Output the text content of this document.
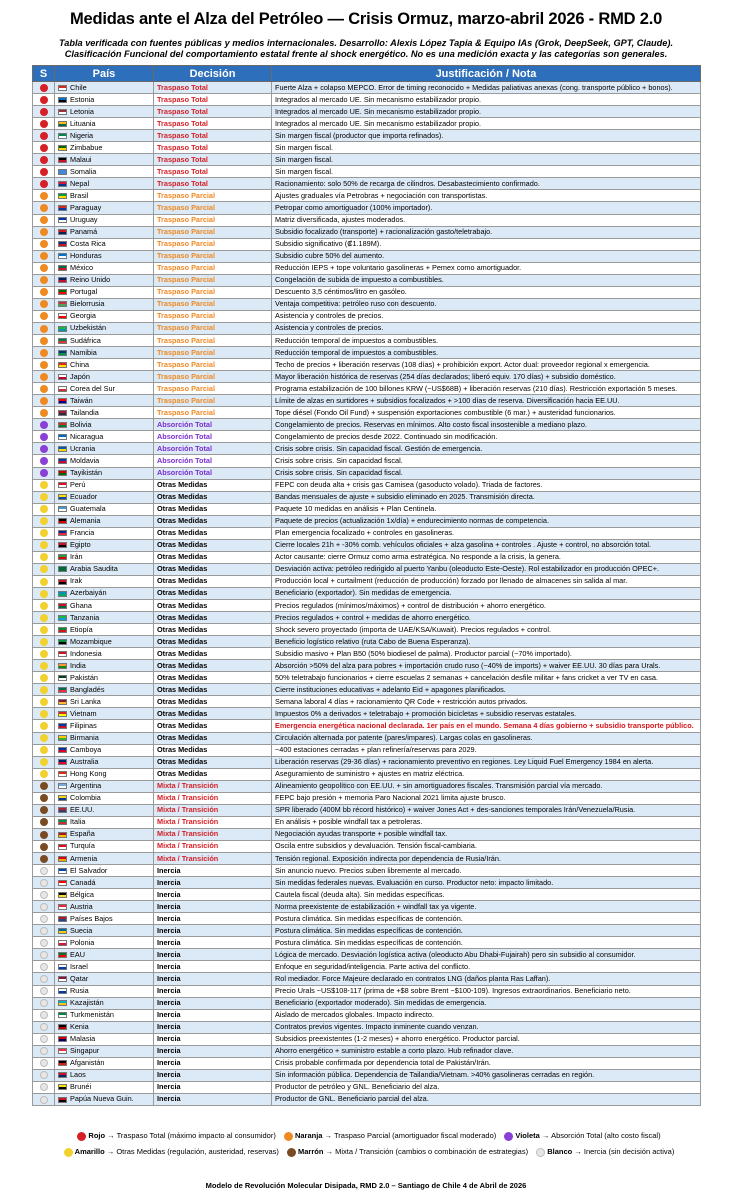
Medidas ante el Alza del Petróleo — Crisis Ormuz, marzo-abril 2026 - RMD 2.0
Tabla verificada con fuentes públicas y medios internacionales. Desarrollo: Alexis López Tapia & Equipo IAs (Grok, DeepSeek, GPT, Claude).
Clasificación Funcional del comportamiento estatal frente al shock energético. No es una medición exacta y las categorías son generales.
S	País	Decisión	Justificación / Nota
	Chile	Traspaso Total	Fuerte Alza + colapso MEPCO. Error de timing reconocido + Medidas paliativas anexas (cong. transporte público + bonos).
	Estonia	Traspaso Total	Integrados al mercado UE. Sin mecanismo estabilizador propio.
	Letonia	Traspaso Total	Integrados al mercado UE. Sin mecanismo estabilizador propio.
	Lituania	Traspaso Total	Integrados al mercado UE. Sin mecanismo estabilizador propio.
	Nigeria	Traspaso Total	Sin margen fiscal (productor que importa refinados).
	Zimbabue	Traspaso Total	Sin margen fiscal.
	Malaui	Traspaso Total	Sin margen fiscal.
	Somalia	Traspaso Total	Sin margen fiscal.
	Nepal	Traspaso Total	Racionamiento: solo 50% de recarga de cilindros. Desabastecimiento confirmado.
	Brasil	Traspaso Parcial	Ajustes graduales vía Petrobras + negociación con transportistas.
	Paraguay	Traspaso Parcial	Petropar como amortiguador (100% importador).
	Uruguay	Traspaso Parcial	Matriz diversificada, ajustes moderados.
	Panamá	Traspaso Parcial	Subsidio focalizado (transporte) + racionalización gasto/teletrabajo.
	Costa Rica	Traspaso Parcial	Subsidio significativo (₡1.189M).
	Honduras	Traspaso Parcial	Subsidio cubre 50% del aumento.
	México	Traspaso Parcial	Reducción IEPS + tope voluntario gasolineras + Pemex como amortiguador.
	Reino Unido	Traspaso Parcial	Congelación de subida de impuesto a combustibles.
	Portugal	Traspaso Parcial	Descuento 3,5 céntimos/litro en gasóleo.
	Bielorrusia	Traspaso Parcial	Ventaja competitiva: petróleo ruso con descuento.
	Georgia	Traspaso Parcial	Asistencia y controles de precios.
	Uzbekistán	Traspaso Parcial	Asistencia y controles de precios.
	Sudáfrica	Traspaso Parcial	Reducción temporal de impuestos a combustibles.
	Namibia	Traspaso Parcial	Reducción temporal de impuestos a combustibles.
	China	Traspaso Parcial	Techo de precios + liberación reservas (108 días) + prohibición export. Actor dual: proveedor regional x emergencia.
	Japón	Traspaso Parcial	Mayor liberación histórica de reservas (254 días declarados; liberó equiv. 170 días) + subsidio doméstico.
	Corea del Sur	Traspaso Parcial	Programa estabilización de 100 billones KRW (~US$68B) + liberación reservas (210 días). Restricción exportación 5 meses.
	Taiwán	Traspaso Parcial	Límite de alzas en surtidores + subsidios focalizados + >100 días de reserva. Diversificación hacia EE.UU.
	Tailandia	Traspaso Parcial	Tope diésel (Fondo Oil Fund) + suspensión exportaciones combustible (6 mar.) + austeridad funcionarios.
	Bolivia	Absorción Total	Congelamiento de precios. Reservas en mínimos. Alto costo fiscal insostenible a mediano plazo.
	Nicaragua	Absorción Total	Congelamiento de precios desde 2022. Continuado sin modificación.
	Ucrania	Absorción Total	Crisis sobre crisis. Sin capacidad fiscal. Gestión de emergencia.
	Moldavia	Absorción Total	Crisis sobre crisis. Sin capacidad fiscal.
	Tayikistán	Absorción Total	Crisis sobre crisis. Sin capacidad fiscal.
	Perú	Otras Medidas	FEPC con deuda alta + crisis gas Camisea (gasoducto volado). Triada de factores.
	Ecuador	Otras Medidas	Bandas mensuales de ajuste + subsidio eliminado en 2025. Transmisión directa.
	Guatemala	Otras Medidas	Paquete 10 medidas en análisis + Plan Centinela.
	Alemania	Otras Medidas	Paquete de precios (actualización 1x/día) + endurecimiento normas de competencia.
	Francia	Otras Medidas	Plan emergencia focalizado + controles en gasolineras.
	Egipto	Otras Medidas	Cierre locales 21h + -30% comb. vehículos oficiales + alza gasolina + controles . Ajuste + control, no absorción total.
	Irán	Otras Medidas	Actor causante: cierre Ormuz como arma estratégica. No responde a la crisis, la genera.
	Arabia Saudita	Otras Medidas	Desviación activa: petróleo redirigido al puerto Yanbu (oleoducto Este-Oeste). Rol estabilizador en producción OPEC+.
	Irak	Otras Medidas	Producción local + curtailment (reducción de producción) forzado por llenado de almacenes sin salida al mar.
	Azerbaiyán	Otras Medidas	Beneficiario (exportador). Sin medidas de emergencia.
	Ghana	Otras Medidas	Precios regulados (mínimos/máximos) + control de distribución + ahorro energético.
	Tanzania	Otras Medidas	Precios regulados + control + medidas de ahorro energético.
	Etiopía	Otras Medidas	Shock severo proyectado (importa de UAE/KSA/Kuwait). Precios regulados + control.
	Mozambique	Otras Medidas	Beneficio logístico relativo (ruta Cabo de Buena Esperanza).
	Indonesia	Otras Medidas	Subsidio masivo + Plan B50 (50% biodiesel de palma). Productor parcial (~70% importado).
	India	Otras Medidas	Absorción >50% del alza para pobres + importación crudo ruso (~40% de imports) + waiver EE.UU. 30 días para Urals.
	Pakistán	Otras Medidas	50% teletrabajo funcionarios + cierre escuelas 2 semanas + cancelación desfile militar + fans cricket a ver TV en casa.
	Bangladés	Otras Medidas	Cierre instituciones educativas + adelanto Eid + apagones planificados.
	Sri Lanka	Otras Medidas	Semana laboral 4 días + racionamiento QR Code + restricción autos privados.
	Vietnam	Otras Medidas	Impuestos 0% a derivados + teletrabajo + promoción bicicletas + subsidio reservas estatales.
	Filipinas	Otras Medidas	Emergencia energética nacional declarada. 1er país en el mundo. Semana 4 días gobierno + subsidio transporte público.
	Birmania	Otras Medidas	Circulación alternada por patente (pares/impares). Largas colas en gasolineras.
	Camboya	Otras Medidas	~400 estaciones cerradas + plan refinería/reservas para 2029.
	Australia	Otras Medidas	Liberación reservas (29-36 días) + racionamiento preventivo en regiones. Ley Liquid Fuel Emergency 1984 en alerta.
	Hong Kong	Otras Medidas	Aseguramiento de suministro + ajustes en matriz eléctrica.
	Argentina	Mixta / Transición	Alineamiento geopolítico con EE.UU. + sin amortiguadores fiscales. Transmisión parcial vía mercado.
	Colombia	Mixta / Transición	FEPC bajo presión + memoria Paro Nacional 2021 limita ajuste brusco.
	EE.UU.	Mixta / Transición	SPR liberado (400M bb récord histórico) + waiver Jones Act + des-sanciones temporales Irán/Venezuela/Rusia.
	Italia	Mixta / Transición	En análisis + posible windfall tax a petroleras.
	España	Mixta / Transición	Negociación ayudas transporte + posible windfall tax.
	Turquía	Mixta / Transición	Oscila entre subsidios y devaluación. Tensión fiscal-cambiaria.
	Armenia	Mixta / Transición	Tensión regional. Exposición indirecta por dependencia de Rusia/Irán.
	El Salvador	Inercia	Sin anuncio nuevo. Precios suben libremente al mercado.
	Canadá	Inercia	Sin medidas federales nuevas. Evaluación en curso. Productor neto: impacto limitado.
	Bélgica	Inercia	Cautela fiscal (deuda alta). Sin medidas específicas.
	Austria	Inercia	Norma preexistente de estabilización + windfall tax ya vigente.
	Países Bajos	Inercia	Postura climática. Sin medidas específicas de contención.
	Suecia	Inercia	Postura climática. Sin medidas específicas de contención.
	Polonia	Inercia	Postura climática. Sin medidas específicas de contención.
	EAU	Inercia	Lógica de mercado. Desviación logística activa (oleoducto Abu Dhabi-Fujairah) pero sin subsidio al consumidor.
	Israel	Inercia	Enfoque en seguridad/inteligencia. Parte activa del conflicto.
	Qatar	Inercia	Rol mediador. Force Majeure declarado en contratos LNG (daños planta Ras Laffan).
	Rusia	Inercia	Precio Urals ~US$108-117 (prima de +$8 sobre Brent ~$100-109). Ingresos extraordinarios. Beneficiario neto.
	Kazajistán	Inercia	Beneficiario (exportador moderado). Sin medidas de emergencia.
	Turkmenistán	Inercia	Aislado de mercados globales. Impacto indirecto.
	Kenia	Inercia	Contratos previos vigentes. Impacto inminente cuando venzan.
	Malasia	Inercia	Subsidios preexistentes (1-2 meses) + ahorro energético. Productor parcial.
	Singapur	Inercia	Ahorro energético + suministro estable a corto plazo. Hub refinador clave.
	Afganistán	Inercia	Crisis probable confirmada por dependencia total de Pakistán/Irán.
	Laos	Inercia	Sin información pública. Dependencia de Tailandia/Vietnam. >40% gasolineras cerradas en región.
	Brunéi	Inercia	Productor de petróleo y GNL. Beneficiario del alza.
	Papúa Nueva Guin.	Inercia	Productor de GNL. Beneficiario parcial del alza.
Rojo → Traspaso Total (máximo impacto al consumidor) Naranja → Traspaso Parcial (amortiguador fiscal moderado) Violeta → Absorción Total (alto costo fiscal)
Amarillo → Otras Medidas (regulación, austeridad, reservas) Marrón → Mixta / Transición (cambios o combinación de estrategias) Blanco → Inercia (sin decisión activa)
Modelo de Revolución Molecular Disipada, RMD 2.0 – Santiago de Chile 4 de Abril de 2026
